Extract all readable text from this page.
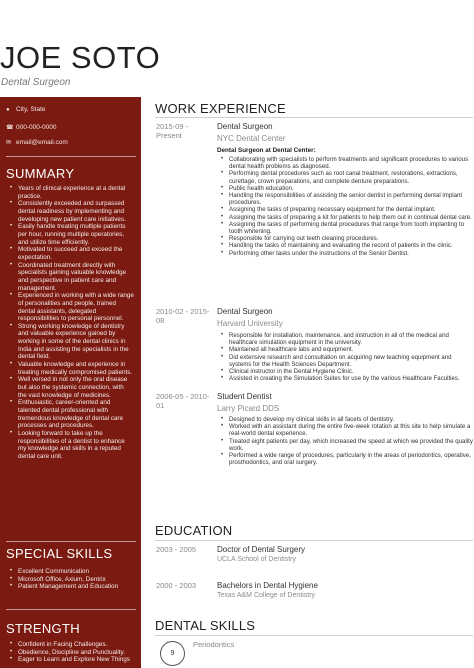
JOE SOTO
Dental Surgeon
● City, State
☎ 000-000-0000
✉ email@email.com
SUMMARY
• Years of clinical experience at a dental practice.
• Consistently exceeded and surpassed dental readiness by implementing and developing new patient care initiatives.
• Easily handle treating multiple patients per hour, running multiple operatories, and utilize time efficiently.
• Motivated to succeed and exceed the expectation.
• Coordinated treatment directly with specialists gaining valuable knowledge and perspective in patient care and management.
• Experienced in working with a wide range of personalities and people, trained dental assistants, delegated responsibilities to personal personnel.
• Strong working knowledge of dentistry and valuable experience gained by working in some of the dental clinics in India and assisting the specialists in the dental field.
• Valuable knowledge and experience in treating medically compromised patients.
• Well versed in not only the oral disease but also the systemic connection, with the vast knowledge of medicines.
• Enthusiastic, career-oriented and talented dental professional with tremendous knowledge of dental care processes and procedures.
• Looking forward to take up the responsibilities of a dentist to enhance my knowledge and skills in a reputed dental care unit.
SPECIAL SKILLS
• Excellent Communication
• Microsoft Office, Axium, Dentrix
• Patient Management and Education
STRENGTH
• Confident in Facing Challenges.
• Obedience, Discipline and Punctuality.
• Eager to Learn and Explore New Things
WORK EXPERIENCE
2015-09 - Present
Dental Surgeon
NYC Dental Center
Dental Surgeon at Dental Center:
• Collaborating with specialists to perform treatments and significant procedures to various dental health problems as diagnosed.
• Performing dental procedures such as root canal treatment, restorations, extractions, curettage, crown preparations, and complete denture preparations.
• Public health education.
• Handling the responsibilities of assisting the senior dentist in performing dental implant procedures.
• Assigning the tasks of preparing necessary equipment for the dental implant.
• Assigning the tasks of preparing a kit for patients to help them out in continual dental care.
• Assigning the tasks of performing dental procedures that range from tooth implanting to tooth whitening.
• Responsible for carrying out teeth cleaning procedures.
• Handling the tasks of maintaining and evaluating the record of patients in the clinic.
• Performing other tasks under the instructions of the Senior Dentist.
2010-02 - 2015-08
Dental Surgeon
Harvard University
• Responsible for installation, maintenance, and instruction in all of the medical and healthcare simulation equipment in the university.
• Maintained all healthcare labs and equipment.
• Did extensive research and consultation on acquiring new teaching equipment and systems for the Health Sciences Department.
• Clinical instructor in the Dental Hygiene Clinic.
• Assisted in creating the Simulation Suites for use by the various Healthcare Faculties.
2006-05 - 2010-01
Student Dentist
Larry Picard DDS
• Designed to develop my clinical skills in all facets of dentistry.
• Worked with an assistant during the entire five-week rotation at this site to help simulate a real-world dental experience.
• Treated eight patients per day, which increased the speed at which we provided the quality work.
• Performed a wide range of procedures, particularly in the areas of periodontics, operative, prosthodontics, and oral surgery.
EDUCATION
2003 - 2005	Doctor of Dental Surgery
UCLA School of Dentistry
2000 - 2003	Bachelors in Dental Hygiene
Texas A&M College of Dentistry
DENTAL SKILLS
9
Periodontics
